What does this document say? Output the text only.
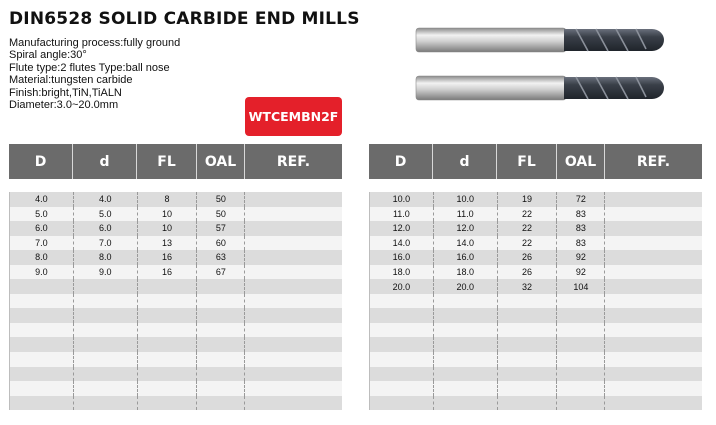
DIN6528 SOLID CARBIDE END MILLS
Manufacturing process:fully ground
Spiral angle:30°
Flute type:2 flutes Type:ball nose
Material:tungsten carbide
Finish:bright,TiN,TiALN
Diameter:3.0~20.0mm
WTCEMBN2F
D	d	FL	OAL	REF.
4.0	4.0	8	50
5.0	5.0	10	50
6.0	6.0	10	57
7.0	7.0	13	60
8.0	8.0	16	63
9.0	9.0	16	67
D	d	FL	OAL	REF.
10.0	10.0	19	72
11.0	11.0	22	83
12.0	12.0	22	83
14.0	14.0	22	83
16.0	16.0	26	92
18.0	18.0	26	92
20.0	20.0	32	104
